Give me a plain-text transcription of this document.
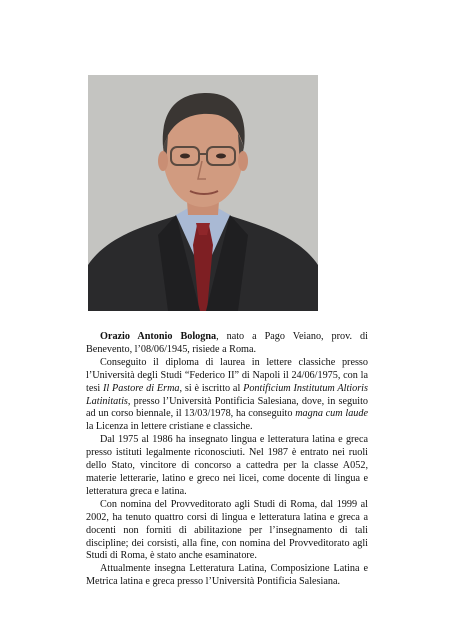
Orazio Antonio Bologna, nato a Pago Veiano, prov. di Benevento, l’08/06/1945, risiede a Roma.

Conseguito il diploma di laurea in lettere classiche presso l’Università degli Studi “Federico II” di Napoli il 24/06/1975, con la tesi Il Pastore di Erma, si è iscritto al Pontificium Institutum Altioris Latinitatis, presso l’Università Pontificia Salesiana, dove, in seguito ad un corso biennale, il 13/03/1978, ha conseguito magna cum laude la Licenza in lettere cristiane e classiche.

Dal 1975 al 1986 ha insegnato lingua e letteratura latina e greca presso istituti legalmente riconosciuti. Nel 1987 è entrato nei ruoli dello Stato, vincitore di concorso a cattedra per la classe A052, materie letterarie, latino e greco nei licei, come docente di lingua e letteratura greca e latina.

Con nomina del Provveditorato agli Studi di Roma, dal 1999 al 2002, ha tenuto quattro corsi di lingua e letteratura latina e greca a docenti non forniti di abilitazione per l’insegnamento di tali discipline; dei corsisti, alla fine, con nomina del Provveditorato agli Studi di Roma, è stato anche esaminatore.

Attualmente insegna Letteratura Latina, Composizione Latina e Metrica latina e greca presso l’Università Pontificia Salesiana.
